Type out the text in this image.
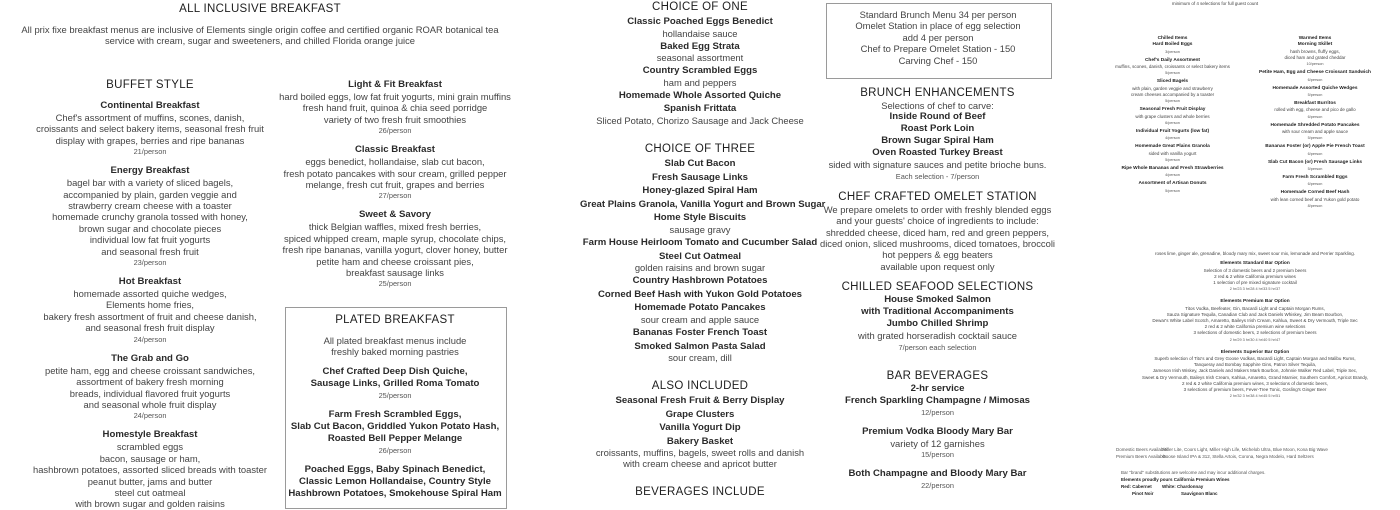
ALL INCLUSIVE BREAKFAST
All prix fixe breakfast menus are inclusive of Elements single origin coffee and certified organic ROAR botanical tea
service with cream, sugar and sweeteners, and chilled Florida orange juice
BUFFET STYLE
Continental Breakfast
Chef's assortment of muffins, scones, danish,
croissants and select bakery items, seasonal fresh fruit
display with grapes, berries and ripe bananas
21/person
Energy Breakfast
bagel bar with a variety of sliced bagels,
accompanied by plain, garden veggie and
strawberry cream cheese with a toaster
homemade crunchy granola tossed with honey,
brown sugar and chocolate pieces
individual low fat fruit yogurts
and seasonal fresh fruit
23/person
Hot Breakfast
homemade assorted quiche wedges,
Elements home fries,
bakery fresh assortment of fruit and cheese danish,
and seasonal fresh fruit display
24/person
The Grab and Go
petite ham, egg and cheese croissant sandwiches,
assortment of bakery fresh morning
breads, individual flavored fruit yogurts
and seasonal whole fruit display
24/person
Homestyle Breakfast
scrambled eggs
bacon, sausage or ham,
hashbrown potatoes, assorted sliced breads with toaster
peanut butter, jams and butter
steel cut oatmeal
with brown sugar and golden raisins
Light & Fit Breakfast
hard boiled eggs, low fat fruit yogurts, mini grain muffins
fresh hand fruit, quinoa & chia seed porridge
variety of two fresh fruit smoothies
26/person
Classic Breakfast
eggs benedict, hollandaise, slab cut bacon,
fresh potato pancakes with sour cream, grilled pepper
melange, fresh cut fruit, grapes and berries
27/person
Sweet & Savory
thick Belgian waffles, mixed fresh berries,
spiced whipped cream, maple syrup, chocolate chips,
fresh ripe bananas, vanilla yogurt, clover honey, butter
petite ham and cheese croissant pies,
breakfast sausage links
25/person
PLATED BREAKFAST
All plated breakfast menus include
freshly baked morning pastries
Chef Crafted Deep Dish Quiche,
Sausage Links, Grilled Roma Tomato
25/person
Farm Fresh Scrambled Eggs,
Slab Cut Bacon, Griddled Yukon Potato Hash,
Roasted Bell Pepper Melange
26/person
Poached Eggs, Baby Spinach Benedict,
Classic Lemon Hollandaise, Country Style
Hashbrown Potatoes, Smokehouse Spiral Ham
CHOICE OF ONE
Classic Poached Eggs Benedict
hollandaise sauce
Baked Egg Strata
seasonal assortment
Country Scrambled Eggs
ham and peppers
Homemade Whole Assorted Quiche
Spanish Frittata
Sliced Potato, Chorizo Sausage and Jack Cheese
CHOICE OF THREE
Slab Cut Bacon
Fresh Sausage Links
Honey-glazed Spiral Ham
Great Plains Granola, Vanilla Yogurt and Brown Sugar
Home Style Biscuits
sausage gravy
Farm House Heirloom Tomato and Cucumber Salad
Steel Cut Oatmeal
golden raisins and brown sugar
Country Hashbrown Potatoes
Corned Beef Hash with Yukon Gold Potatoes
Homemade Potato Pancakes
sour cream and apple sauce
Bananas Foster French Toast
Smoked Salmon Pasta Salad
sour cream, dill
ALSO INCLUDED
Seasonal Fresh Fruit & Berry Display
Grape Clusters
Vanilla Yogurt Dip
Bakery Basket
croissants, muffins, bagels, sweet rolls and danish
with cream cheese and apricot butter
BEVERAGES INCLUDE
Standard Brunch Menu 34 per person
Omelet Station in place of egg selection
add 4 per person
Chef to Prepare Omelet Station - 150
Carving Chef - 150
BRUNCH ENHANCEMENTS
Selections of chef to carve:
Inside Round of Beef
Roast Pork Loin
Brown Sugar Spiral Ham
Oven Roasted Turkey Breast
sided with signature sauces and petite brioche buns.
Each selection - 7/person
CHEF CRAFTED OMELET STATION
We prepare omelets to order with freshly blended eggs
and your guests' choice of ingredients to include:
shredded cheese, diced ham, red and green peppers,
diced onion, sliced mushrooms, diced tomatoes, broccoli
hot peppers & egg beaters
available upon request only
CHILLED SEAFOOD SELECTIONS
House Smoked Salmon
with Traditional Accompaniments
Jumbo Chilled Shrimp
with grated horseradish cocktail sauce
7/person each selection
BAR BEVERAGES
2-hr service
French Sparkling Champagne / Mimosas
12/person
Premium Vodka Bloody Mary Bar
variety of 12 garnishes
15/person
Both Champagne and Bloody Mary Bar
22/person
minimum of 4 selections for full guest count
Chilled Items
Hard Boiled Eggs
3/person
Chef's Daily Assortment
muffins, scones, danish, croissants or select bakery items
5/person
Sliced Bagels
with plain, garden veggie and strawberry
cream cheeses accompanied by a toaster
5/person
Seasonal Fresh Fruit Display
with grape clusters and whole berries
6/person
Individual Fruit Yogurts (low fat)
4/person
Homemade Great Plains Granola
sided with vanilla yogurt
5/person
Ripe Whole Bananas and Fresh Strawberries
4/person
Assortment of Artisan Donuts
5/person
Warmed Items
Morning Skillet
hash browns, fluffy eggs,
diced ham and grated cheddar
10/person
Petite Ham, Egg and Cheese Croissant Sandwich
6/person
Homemade Assorted Quiche Wedges
5/person
Breakfast Burritos
rolled with egg, cheese and pico de gallo
6/person
Homemade Shredded Potato Pancakes
with sour cream and apple sauce
5/person
Bananas Foster (or) Apple Pie French Toast
6/person
Slab Cut Bacon (or) Fresh Sausage Links
5/person
Farm Fresh Scrambled Eggs
6/person
Homemade Corned Beef Hash
with lean corned beef and Yukon gold potato
8/person
roses lime, ginger ale, grenadine, bloody mary mix, sweet sour mix, lemonade and Perrier Sparkling.
Elements Standard Bar Option
Selection of 3 domestic beers and 2 premium beers
2 red & 2 white California premium wines
1 selection of pre mixed signature cocktail
2 hr/23 3 hr/28 4 hr/33 5 hr/37
Elements Premium Bar Option
Titos Vodka, Beefeater, Gin, Bacardi Light and Captain Morgan Rums,
Sauza Signature Tequila, Canadian Club and Jack Daniels Whiskey, Jim Beam Bourbon,
Dewar's White Label Scotch, Amaretto, Baileys Irish Cream, Kahlua, Sweet & Dry Vermouth, Triple Sec
2 red & 2 white California premium wine selections
3 selections of domestic beers, 2 selections of premium beers
2 hr/29 3 hr/30 4 hr/40 5 hr/47
Elements Superior Bar Option
Superb selection of Tito's and Grey Goose Vodkas, Bacardi Light, Captain Morgan and Malibu Rums,
Tanqueray and Bombay Sapphire Gins, Patron Silver Tequila,
Jameson Irish Wiskey, Jack Daniels and Makers Mark Bourbon, Johnnie Walker Red Label, Triple Sec,
Sweet & Dry Vermouth, Baileys Irish Cream, Kahlua, Amaretto, Grand Marnier, Southern Comfort, Apricot Brandy,
2 red & 2 white California premium wines, 3 selections of domestic beers,
3 selections of premium beers, Fever-Tree Tonic, Gosling's Ginger Beer
2 hr/32 3 hr/38 4 hr/45 5 hr/51
Domestic Beers Available: Miller Lite, Coors Light, Miller High Life, Michelob Ultra, Blue Moon, Kona Big Wave
Premium Beers Available: Goose Island IPA & 312, Stella Artois, Corona, Negra Modelo, Hard Seltzers
Bar "brand" substitutions are welcome and may incur additional charges.
Elements proudly pours California Premium Wines
Red: Cabernet
Pinot Noir
White: Chardonnay
Sauvignon Blanc
